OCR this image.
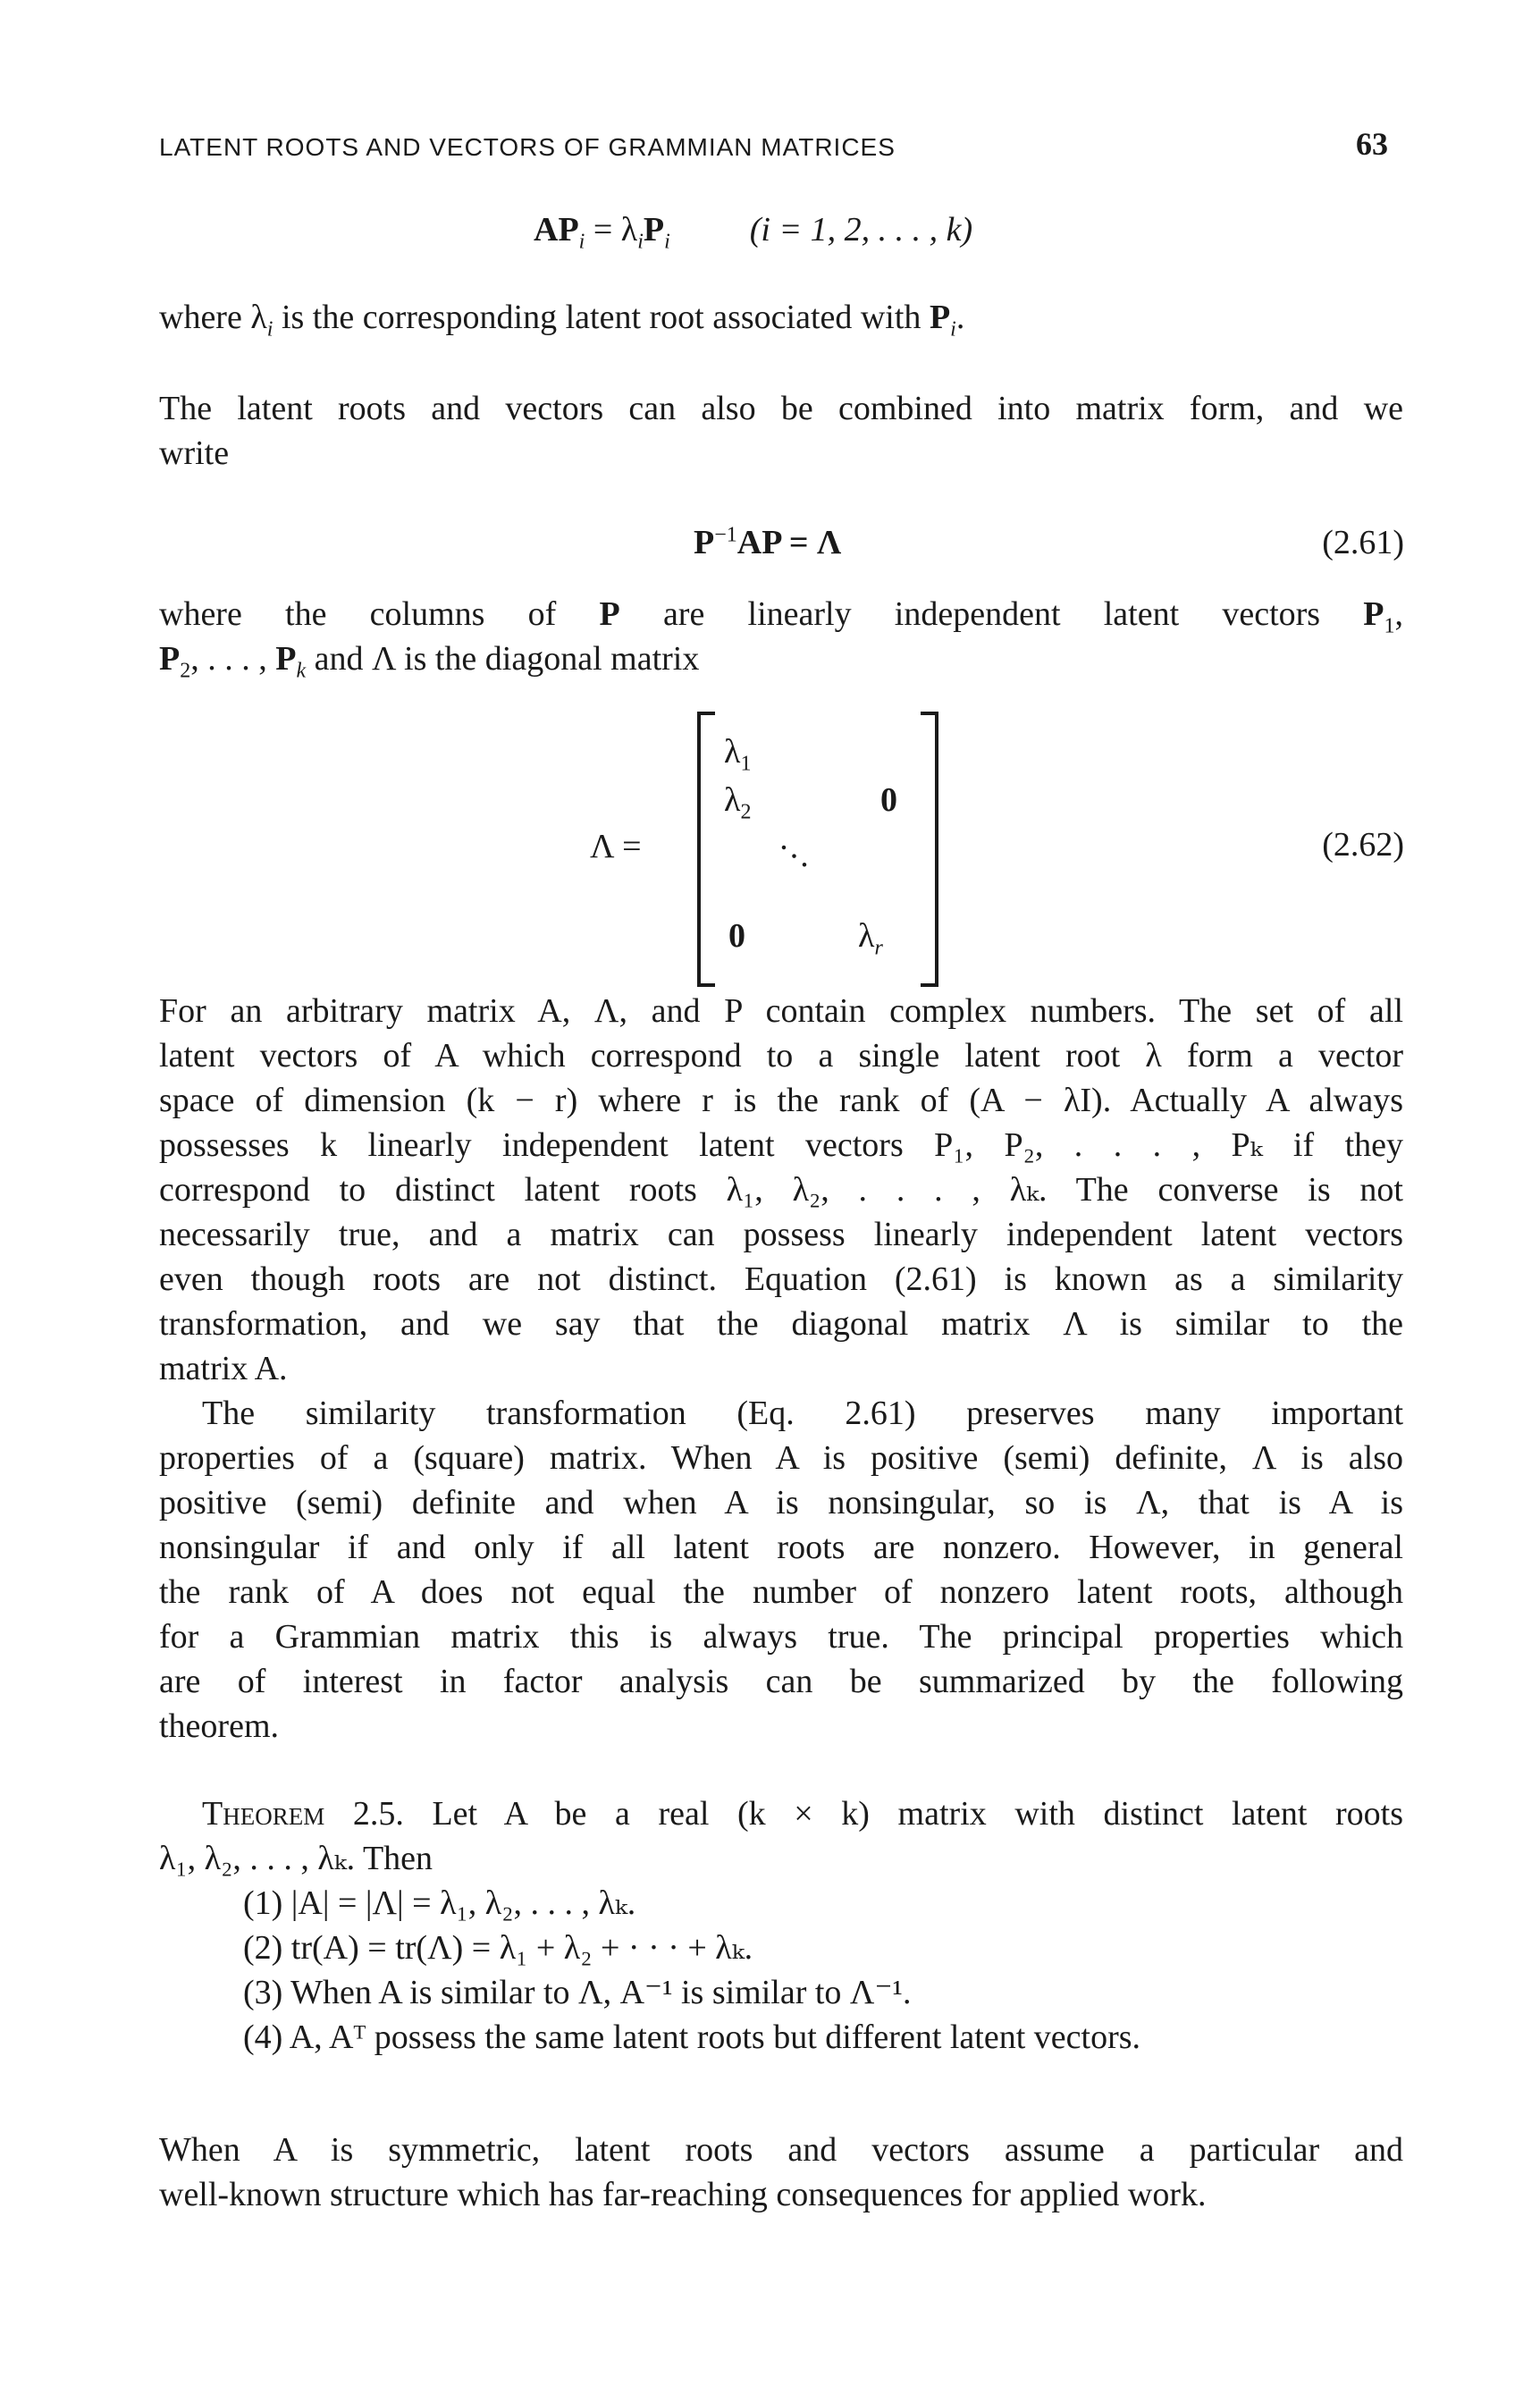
LATENT ROOTS AND VECTORS OF GRAMMIAN MATRICES	63
$AP_i = \lambda_iP_i$ (i = 1, 2, . . . , k)
where $\lambda_i$ is the corresponding latent root associated with $P_i$.
The latent roots and vectors can also be combined into matrix form, and we
write
$P^{-1}AP = \Lambda$	(2.61)
where the columns of P are linearly independent latent vectors $P_1$,
$P_2$, . . . , $P_k$ and Λ is the diagonal matrix
Λ =
$\lambda_1$
$\lambda_2$	0
. . .
0	$\lambda_r$
(2.62)
For an arbitrary matrix A, Λ, and P contain complex numbers. The set of all
latent vectors of A which correspond to a single latent root λ form a vector
space of dimension (k − r) where r is the rank of (A − λI). Actually A always
possesses k linearly independent latent vectors P₁, P₂, . . . , Pₖ if they
correspond to distinct latent roots λ₁, λ₂, . . . , λₖ. The converse is not
necessarily true, and a matrix can possess linearly independent latent vectors
even though roots are not distinct. Equation (2.61) is known as a similarity
transformation, and we say that the diagonal matrix Λ is similar to the
matrix A.
The similarity transformation (Eq. 2.61) preserves many important
properties of a (square) matrix. When A is positive (semi) definite, Λ is also
positive (semi) definite and when A is nonsingular, so is Λ, that is A is
nonsingular if and only if all latent roots are nonzero. However, in general
the rank of A does not equal the number of nonzero latent roots, although
for a Grammian matrix this is always true. The principal properties which
are of interest in factor analysis can be summarized by the following
theorem.
Theorem 2.5. Let A be a real (k × k) matrix with distinct latent roots
λ₁, λ₂, . . . , λₖ. Then
(1) |A| = |Λ| = λ₁, λ₂, . . . , λₖ.
(2) tr(A) = tr(Λ) = λ₁ + λ₂ + · · · + λₖ.
(3) When A is similar to Λ, A⁻¹ is similar to Λ⁻¹.
(4) A, Aᵀ possess the same latent roots but different latent vectors.
When A is symmetric, latent roots and vectors assume a particular and
well-known structure which has far-reaching consequences for applied work.
